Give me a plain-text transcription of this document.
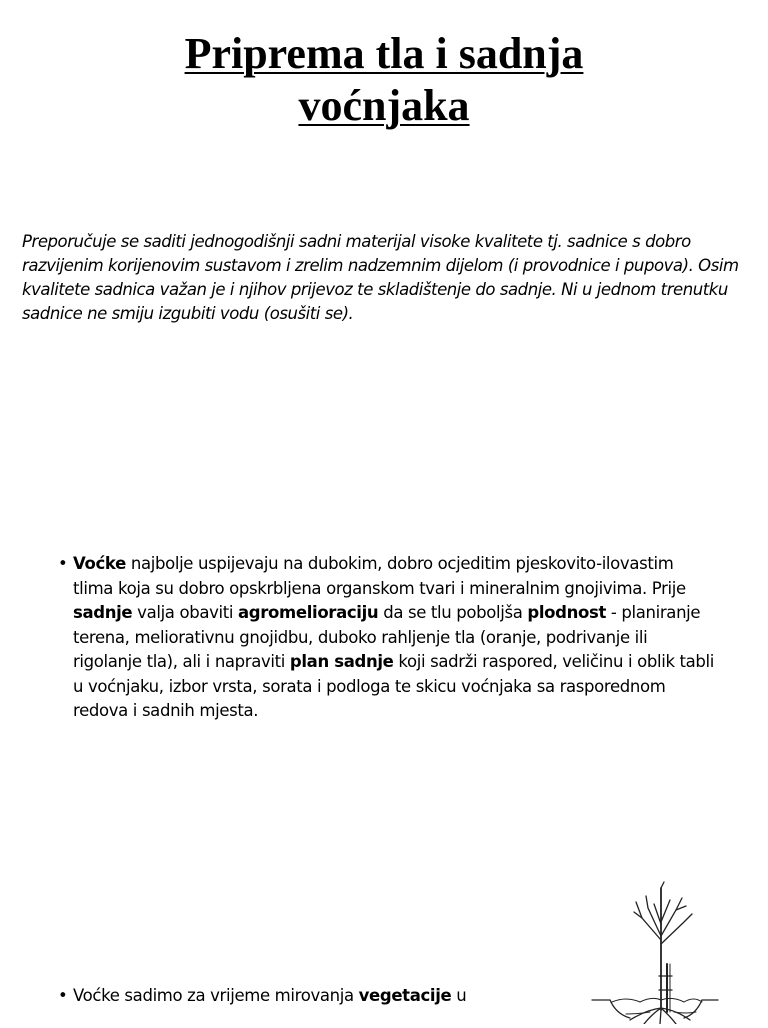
Priprema tla i sadnja
voćnjaka

Preporučuje se saditi jednogodišnji sadni materijal visoke kvalitete tj. sadnice s dobro razvijenim korijenovim sustavom i zrelim nadzemnim dijelom (i provodnice i pupova). Osim kvalitete sadnica važan je i njihov prijevoz te skladištenje do sadnje. Ni u jednom trenutku sadnice ne smiju izgubiti vodu (osušiti se).

• Voćke najbolje uspijevaju na dubokim, dobro ocjeditim pjeskovito-ilovastim tlima koja su dobro opskrbljena organskom tvari i mineralnim gnojivima. Prije sadnje valja obaviti agromelioraciju da se tlu poboljša plodnost - planiranje terena, meliorativnu gnojidbu, duboko rahljenje tla (oranje, podrivanje ili rigolanje tla), ali i napraviti plan sadnje koji sadrži raspored, veličinu i oblik tabli u voćnjaku, izbor vrsta, sorata i podloga te skicu voćnjaka sa rasporednom redova i sadnih mjesta.
• Voćke sadimo za vrijeme mirovanja vegetacije u
